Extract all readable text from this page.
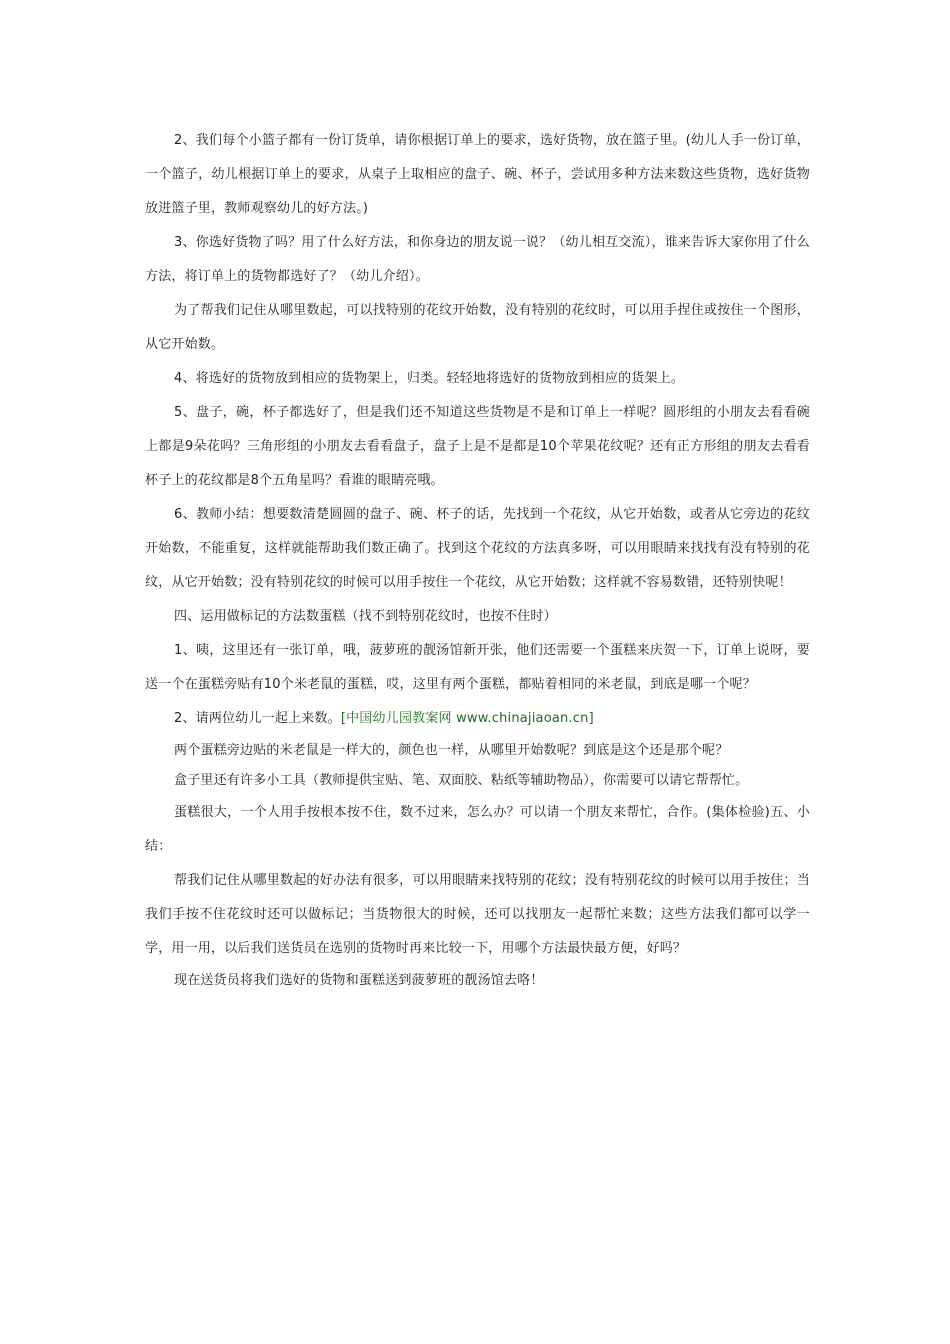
2、我们每个小篮子都有一份订货单，请你根据订单上的要求，选好货物，放在篮子里。(幼儿人手一份订单，一个篮子，幼儿根据订单上的要求，从桌子上取相应的盘子、碗、杯子，尝试用多种方法来数这些货物，选好货物放进篮子里，教师观察幼儿的好方法。)

3、你选好货物了吗？用了什么好方法，和你身边的朋友说一说？（幼儿相互交流），谁来告诉大家你用了什么方法，将订单上的货物都选好了？（幼儿介绍）。

为了帮我们记住从哪里数起，可以找特别的花纹开始数，没有特别的花纹时，可以用手捏住或按住一个图形，从它开始数。

4、将选好的货物放到相应的货物架上，归类。轻轻地将选好的货物放到相应的货架上。

5、盘子，碗，杯子都选好了，但是我们还不知道这些货物是不是和订单上一样呢？圆形组的小朋友去看看碗上都是9朵花吗？三角形组的小朋友去看看盘子，盘子上是不是都是10个苹果花纹呢？还有正方形组的朋友去看看杯子上的花纹都是8个五角星吗？看谁的眼睛亮哦。

6、教师小结：想要数清楚圆圆的盘子、碗、杯子的话，先找到一个花纹，从它开始数，或者从它旁边的花纹开始数，不能重复，这样就能帮助我们数正确了。找到这个花纹的方法真多呀，可以用眼睛来找找有没有特别的花纹，从它开始数；没有特别花纹的时候可以用手按住一个花纹，从它开始数；这样就不容易数错，还特别快呢！

四、运用做标记的方法数蛋糕（找不到特别花纹时，也按不住时）

1、咦，这里还有一张订单，哦，菠萝班的靓汤馆新开张，他们还需要一个蛋糕来庆贺一下，订单上说呀，要送一个在蛋糕旁贴有10个米老鼠的蛋糕，哎，这里有两个蛋糕，都贴着相同的米老鼠，到底是哪一个呢？

2、请两位幼儿一起上来数。[中国幼儿园教案网 www.chinajiaoan.cn]

两个蛋糕旁边贴的米老鼠是一样大的，颜色也一样，从哪里开始数呢？到底是这个还是那个呢？

盒子里还有许多小工具（教师提供宝贴、笔、双面胶、粘纸等辅助物品），你需要可以请它帮帮忙。

蛋糕很大，一个人用手按根本按不住，数不过来，怎么办？可以请一个朋友来帮忙，合作。(集体检验)五、小结：

帮我们记住从哪里数起的好办法有很多，可以用眼睛来找特别的花纹；没有特别花纹的时候可以用手按住；当我们手按不住花纹时还可以做标记；当货物很大的时候，还可以找朋友一起帮忙来数；这些方法我们都可以学一学，用一用，以后我们送货员在选别的货物时再来比较一下，用哪个方法最快最方便，好吗？

现在送货员将我们选好的货物和蛋糕送到菠萝班的靓汤馆去咯！
